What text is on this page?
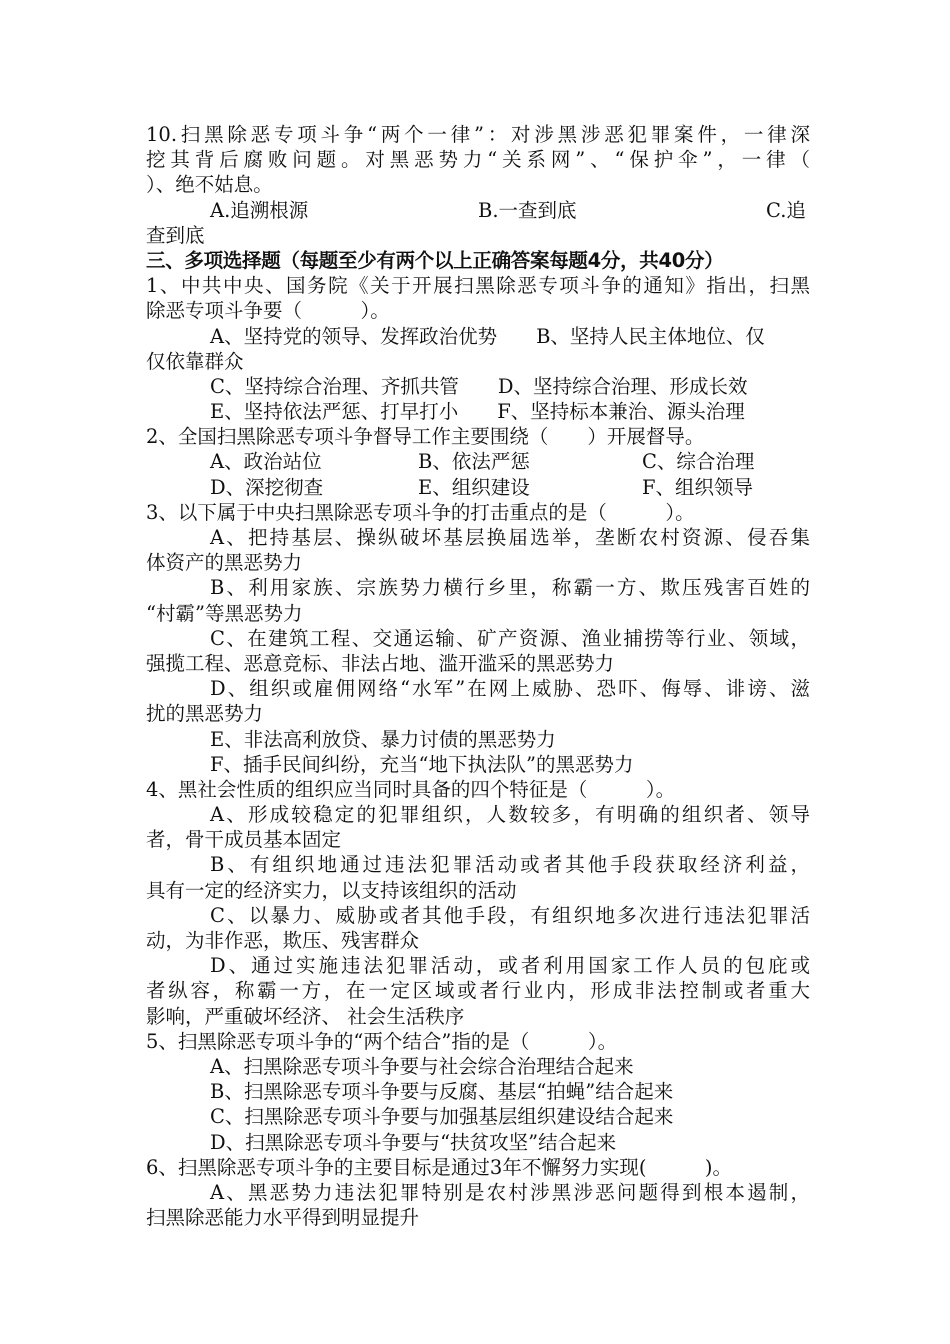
10.扫黑除恶专项斗争“两个一律”：对涉黑涉恶犯罪案件，一律深
挖其背后腐败问题。对黑恶势力“关系网”、“保护伞”，一律（
）、绝不姑息。
A.追溯根源	B.一查到底	C.追
查到底
三、多项选择题（每题至少有两个以上正确答案每题4分，共40分）
1、中共中央、国务院《关于开展扫黑除恶专项斗争的通知》指出，扫黑
除恶专项斗争要（　　　）。
A、坚持党的领导、发挥政治优势　　B、坚持人民主体地位、仅
仅依靠群众
C、坚持综合治理、齐抓共管　　D、坚持综合治理、形成长效
E、坚持依法严惩、打早打小　　F、坚持标本兼治、源头治理
2、全国扫黑除恶专项斗争督导工作主要围绕（　　）开展督导。
A、政治站位	B、依法严惩	C、综合治理
D、深挖彻查	E、组织建设	F、组织领导
3、以下属于中央扫黑除恶专项斗争的打击重点的是（　　　）。
A、把持基层、操纵破坏基层换届选举，垄断农村资源、侵吞集
体资产的黑恶势力
B、利用家族、宗族势力横行乡里，称霸一方、欺压残害百姓的
“村霸”等黑恶势力
C、在建筑工程、交通运输、矿产资源、渔业捕捞等行业、领域，
强揽工程、恶意竞标、非法占地、滥开滥采的黑恶势力
D、组织或雇佣网络“水军”在网上威胁、恐吓、侮辱、诽谤、滋
扰的黑恶势力
E、非法高利放贷、暴力讨债的黑恶势力
F、插手民间纠纷，充当“地下执法队”的黑恶势力
4、黑社会性质的组织应当同时具备的四个特征是（　　　）。
A、形成较稳定的犯罪组织，人数较多，有明确的组织者、领导
者，骨干成员基本固定
B、有组织地通过违法犯罪活动或者其他手段获取经济利益，
具有一定的经济实力，以支持该组织的活动
C、以暴力、威胁或者其他手段，有组织地多次进行违法犯罪活
动，为非作恶，欺压、残害群众
D、通过实施违法犯罪活动，或者利用国家工作人员的包庇或
者纵容，称霸一方，在一定区域或者行业内，形成非法控制或者重大
影响，严重破坏经济、 社会生活秩序
5、扫黑除恶专项斗争的“两个结合”指的是（　　　）。
A、扫黑除恶专项斗争要与社会综合治理结合起来
B、扫黑除恶专项斗争要与反腐、基层“拍蝇”结合起来
C、扫黑除恶专项斗争要与加强基层组织建设结合起来
D、扫黑除恶专项斗争要与“扶贫攻坚”结合起来
6、扫黑除恶专项斗争的主要目标是通过3年不懈努力实现(　　　)。
A、黑恶势力违法犯罪特别是农村涉黑涉恶问题得到根本遏制，
扫黑除恶能力水平得到明显提升
